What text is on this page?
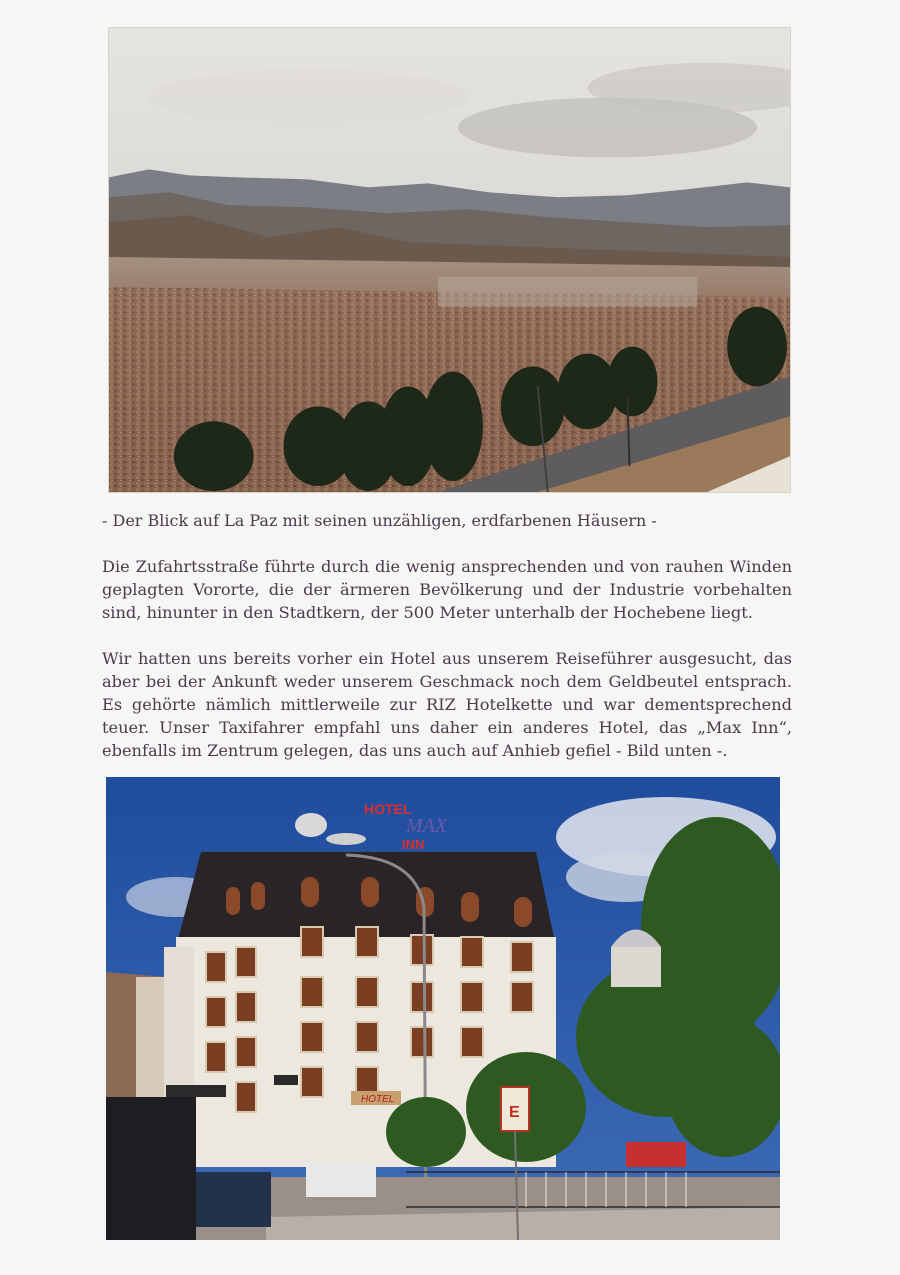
- Der Blick auf La Paz mit seinen unzähligen, erdfarbenen Häusern -

Die Zufahrtsstraße führte durch die wenig ansprechenden und von rauhen Winden geplagten Vororte, die der ärmeren Bevölkerung und der Industrie vorbehalten sind, hinunter in den Stadtkern, der 500 Meter unterhalb der Hochebene liegt.

Wir hatten uns bereits vorher ein Hotel aus unserem Reiseführer ausgesucht, das aber bei der Ankunft weder unserem Geschmack noch dem Geldbeutel entsprach. Es gehörte nämlich mittlerweile zur RIZ Hotelkette und war dementsprechend teuer. Unser Taxifahrer empfahl uns daher ein anderes Hotel, das „Max Inn“, ebenfalls im Zentrum gelegen, das uns auch auf Anhieb gefiel - Bild unten -.

HOTEL
MAX
INN
HOTEL
E
